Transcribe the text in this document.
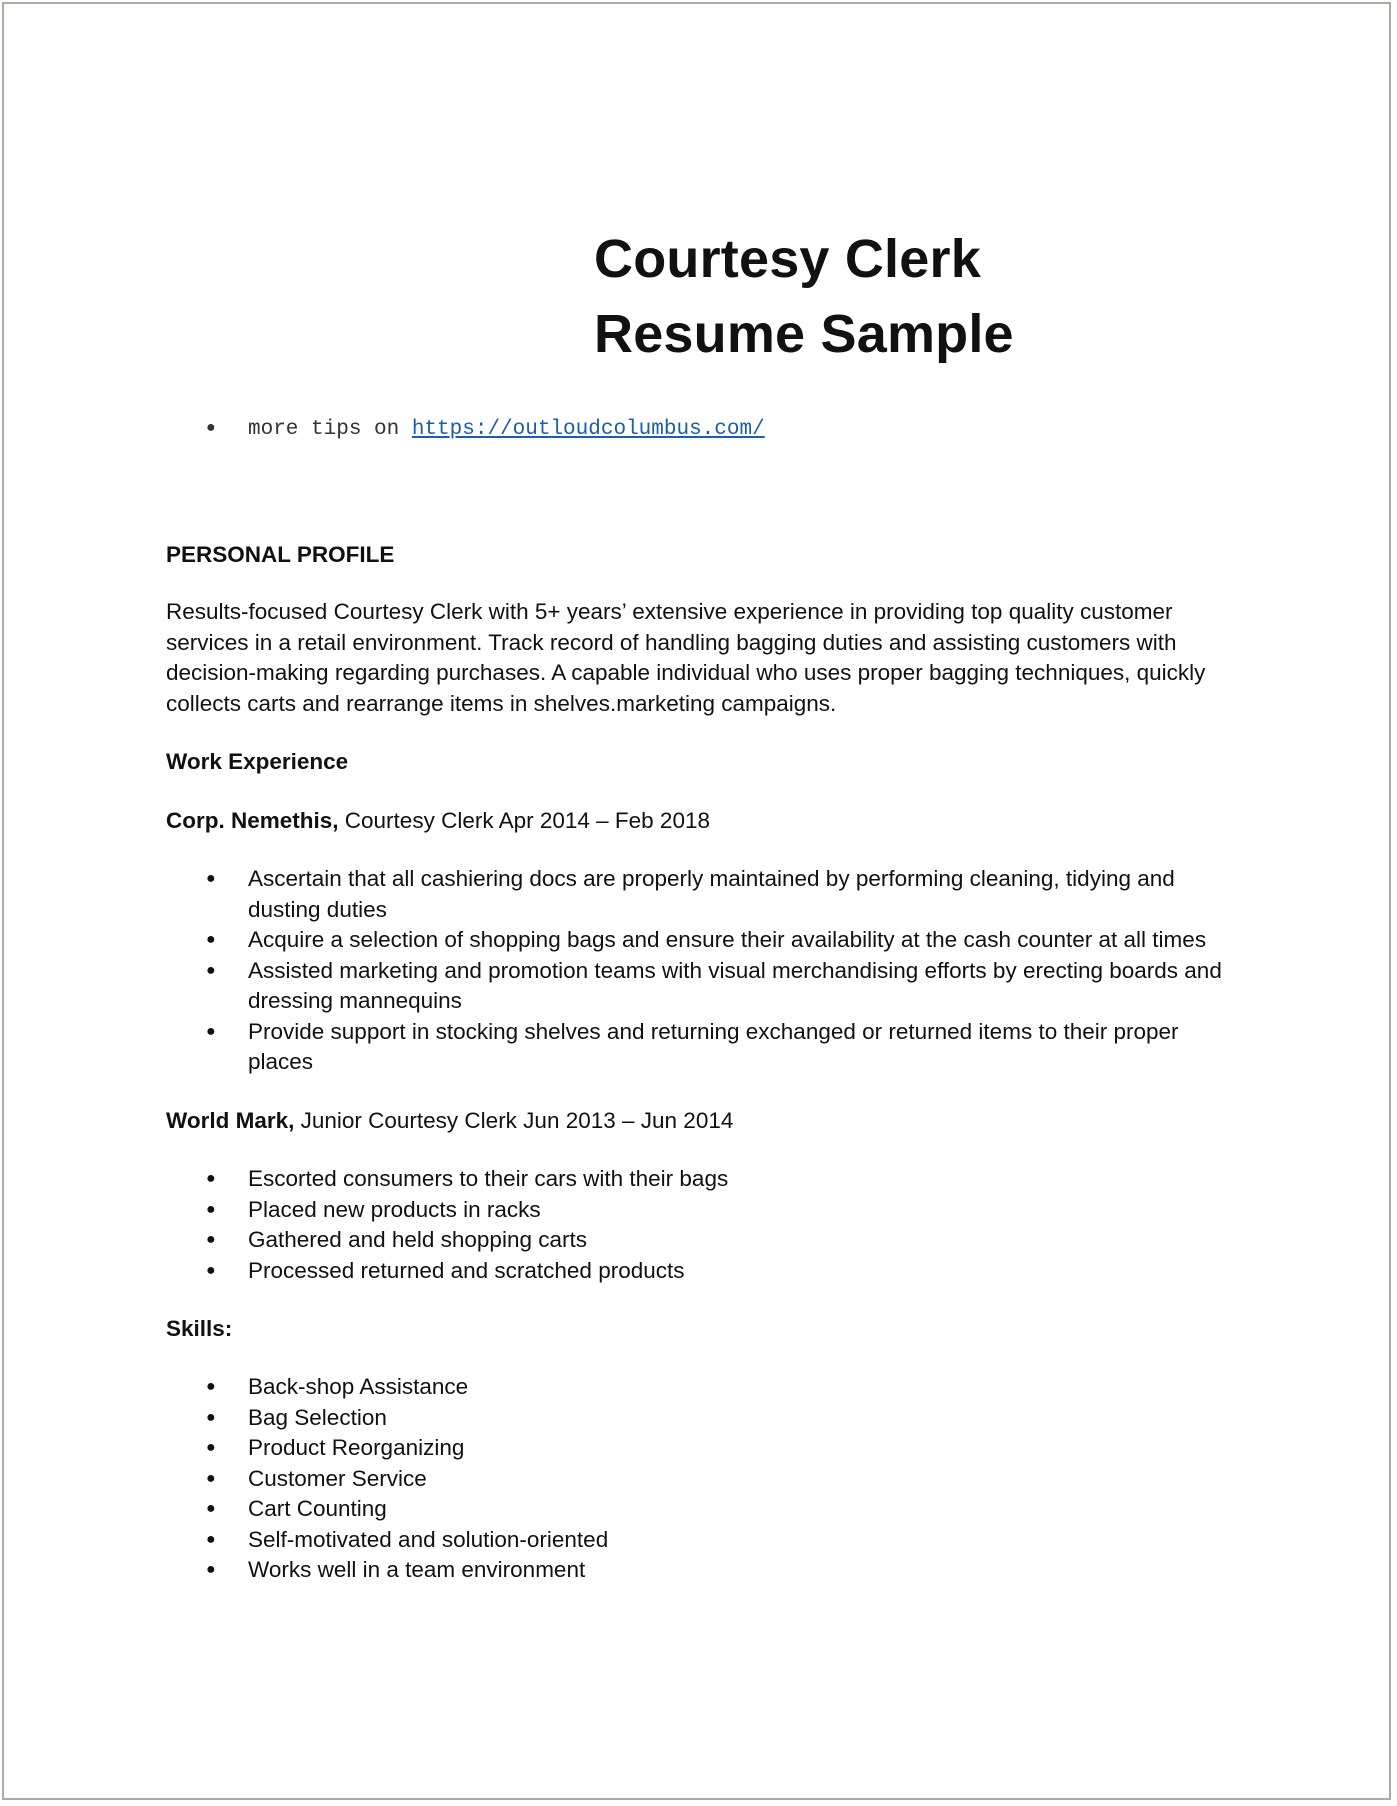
Courtesy Clerk
Resume Sample
● more tips on https://outloudcolumbus.com/

PERSONAL PROFILE

Results-focused Courtesy Clerk with 5+ years’ extensive experience in providing top quality customer services in a retail environment. Track record of handling bagging duties and assisting customers with decision-making regarding purchases. A capable individual who uses proper bagging techniques, quickly collects carts and rearrange items in shelves.marketing campaigns.

Work Experience

Corp. Nemethis, Courtesy Clerk Apr 2014 – Feb 2018

● Ascertain that all cashiering docs are properly maintained by performing cleaning, tidying and dusting duties
● Acquire a selection of shopping bags and ensure their availability at the cash counter at all times
● Assisted marketing and promotion teams with visual merchandising efforts by erecting boards and dressing mannequins
● Provide support in stocking shelves and returning exchanged or returned items to their proper places

World Mark, Junior Courtesy Clerk Jun 2013 – Jun 2014

● Escorted consumers to their cars with their bags
● Placed new products in racks
● Gathered and held shopping carts
● Processed returned and scratched products

Skills:

● Back-shop Assistance
● Bag Selection
● Product Reorganizing
● Customer Service
● Cart Counting
● Self-motivated and solution-oriented
● Works well in a team environment
